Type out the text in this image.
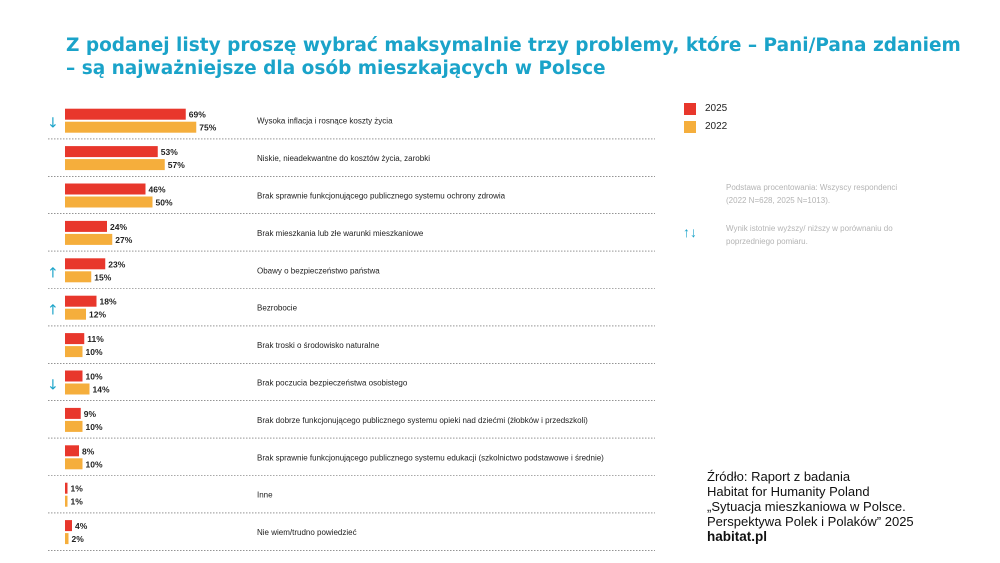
Z podanej listy proszę wybrać maksymalnie trzy problemy, które – Pani/Pana zdaniem
– są najważniejsze dla osób mieszkających w Polsce
69%
75%
Wysoka inflacja i rosnące koszty życia
↓
53%
57%
Niskie, nieadekwantne do kosztów życia, zarobki
46%
50%
Brak sprawnie funkcjonującego publicznego systemu ochrony zdrowia
24%
27%
Brak mieszkania lub złe warunki mieszkaniowe
23%
15%
Obawy o bezpieczeństwo państwa
↑
18%
12%
Bezrobocie
↑
11%
10%
Brak troski o środowisko naturalne
10%
14%
Brak poczucia bezpieczeństwa osobistego
↓
9%
10%
Brak dobrze funkcjonującego publicznego systemu opieki nad dziećmi (żłobków i przedszkoli)
8%
10%
Brak sprawnie funkcjonującego publicznego systemu edukacji (szkolnictwo podstawowe i średnie)
1%
1%
Inne
4%
2%
Nie wiem/trudno powiedzieć
2025
2022
Podstawa procentowania: Wszyscy respondenci
(2022 N=628, 2025 N=1013).
↑↓	Wynik istotnie wyższy/ niższy w porównaniu do
poprzedniego pomiaru.
Źródło: Raport z badania
Habitat for Humanity Poland
„Sytuacja mieszkaniowa w Polsce.
Perspektywa Polek i Polaków” 2025
habitat.pl
